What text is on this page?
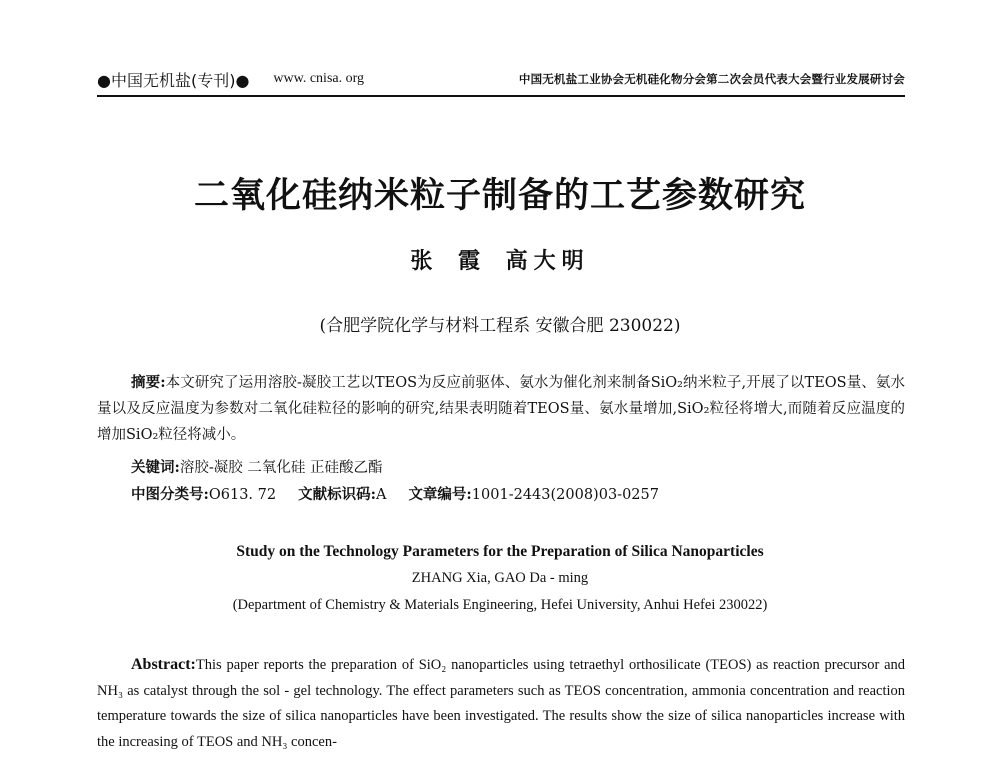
●中国无机盐(专刊)● www. cnisa. org	中国无机盐工业协会无机硅化物分会第二次会员代表大会暨行业发展研讨会
二氧化硅纳米粒子制备的工艺参数研究
张 霞 高大明
(合肥学院化学与材料工程系 安徽合肥 230022)
摘要:本文研究了运用溶胶-凝胶工艺以TEOS为反应前驱体、氨水为催化剂来制备SiO₂纳米粒子,开展了以TEOS量、氨水量以及反应温度为参数对二氧化硅粒径的影响的研究,结果表明随着TEOS量、氨水量增加,SiO₂粒径将增大,而随着反应温度的增加SiO₂粒径将减小。
关键词:溶胶-凝胶 二氧化硅 正硅酸乙酯
中图分类号:O613. 72 文献标识码:A 文章编号:1001-2443(2008)03-0257
Study on the Technology Parameters for the Preparation of Silica Nanoparticles
ZHANG Xia, GAO Da - ming
(Department of Chemistry & Materials Engineering, Hefei University, Anhui Hefei 230022)
Abstract:This paper reports the preparation of SiO₂ nanoparticles using tetraethyl orthosilicate (TEOS) as reaction precursor and NH₃ as catalyst through the sol - gel technology. The effect parameters such as TEOS concentration, ammonia concentration and reaction temperature towards the size of silica nanoparticles have been investigated. The results show the size of silica nanoparticles increase with the increasing of TEOS and NH₃ concen-
